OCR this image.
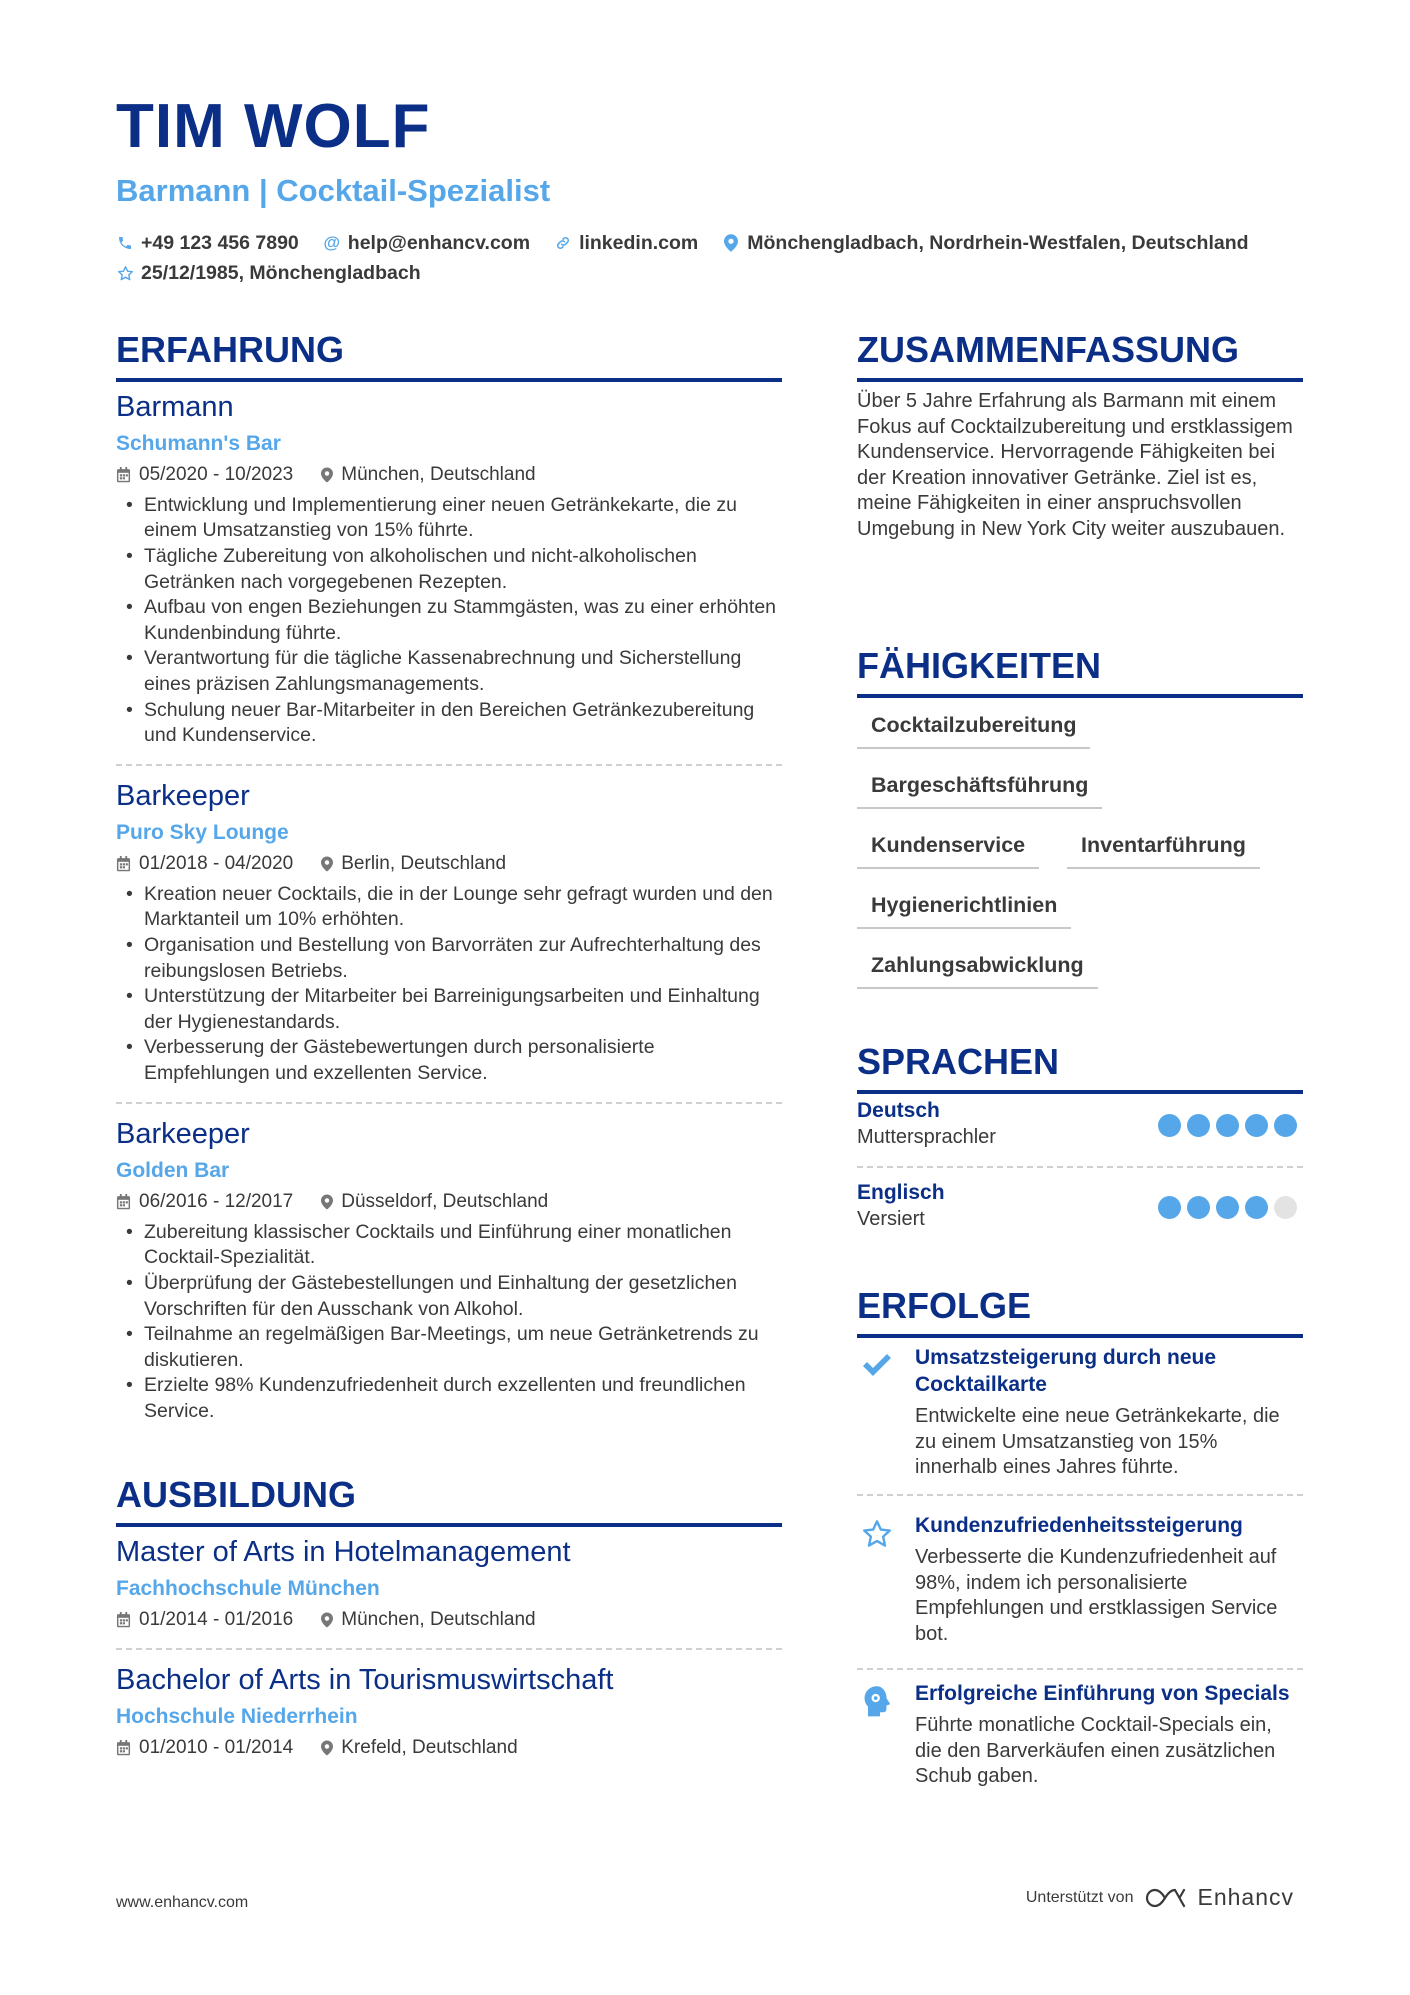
TIM WOLF
Barmann | Cocktail-Spezialist
+49 123 456 7890 @ help@enhancv.com	linkedin.com	Mönchengladbach, Nordrhein-Westfalen, Deutschland
25/12/1985, Mönchengladbach
ERFAHRUNG
Barmann
Schumann's Bar
05/2020 - 10/2023	München, Deutschland
• Entwicklung und Implementierung einer neuen Getränkekarte, die zu einem Umsatzanstieg von 15% führte.
• Tägliche Zubereitung von alkoholischen und nicht-alkoholischen Getränken nach vorgegebenen Rezepten.
• Aufbau von engen Beziehungen zu Stammgästen, was zu einer erhöhten Kundenbindung führte.
• Verantwortung für die tägliche Kassenabrechnung und Sicherstellung eines präzisen Zahlungsmanagements.
• Schulung neuer Bar-Mitarbeiter in den Bereichen Getränkezubereitung und Kundenservice.
Barkeeper
Puro Sky Lounge
01/2018 - 04/2020	Berlin, Deutschland
• Kreation neuer Cocktails, die in der Lounge sehr gefragt wurden und den Marktanteil um 10% erhöhten.
• Organisation und Bestellung von Barvorräten zur Aufrechterhaltung des reibungslosen Betriebs.
• Unterstützung der Mitarbeiter bei Barreinigungsarbeiten und Einhaltung der Hygienestandards.
• Verbesserung der Gästebewertungen durch personalisierte Empfehlungen und exzellenten Service.
Barkeeper
Golden Bar
06/2016 - 12/2017	Düsseldorf, Deutschland
• Zubereitung klassischer Cocktails und Einführung einer monatlichen Cocktail-Spezialität.
• Überprüfung der Gästebestellungen und Einhaltung der gesetzlichen Vorschriften für den Ausschank von Alkohol.
• Teilnahme an regelmäßigen Bar-Meetings, um neue Getränketrends zu diskutieren.
• Erzielte 98% Kundenzufriedenheit durch exzellenten und freundlichen Service.
AUSBILDUNG
Master of Arts in Hotelmanagement
Fachhochschule München
01/2014 - 01/2016	München, Deutschland
Bachelor of Arts in Tourismuswirtschaft
Hochschule Niederrhein
01/2010 - 01/2014	Krefeld, Deutschland
ZUSAMMENFASSUNG
Über 5 Jahre Erfahrung als Barmann mit einem Fokus auf Cocktailzubereitung und erstklassigem Kundenservice. Hervorragende Fähigkeiten bei der Kreation innovativer Getränke. Ziel ist es, meine Fähigkeiten in einer anspruchsvollen Umgebung in New York City weiter auszubauen.
FÄHIGKEITEN
Cocktailzubereitung
Bargeschäftsführung
Kundenservice	Inventarführung
Hygienerichtlinien
Zahlungsabwicklung
SPRACHEN
Deutsch
Muttersprachler
Englisch
Versiert
ERFOLGE
Umsatzsteigerung durch neue Cocktailkarte
Entwickelte eine neue Getränkekarte, die zu einem Umsatzanstieg von 15% innerhalb eines Jahres führte.
Kundenzufriedenheitssteigerung
Verbesserte die Kundenzufriedenheit auf 98%, indem ich personalisierte Empfehlungen und erstklassigen Service bot.
Erfolgreiche Einführung von Specials
Führte monatliche Cocktail-Specials ein, die den Barverkäufen einen zusätzlichen Schub gaben.
www.enhancv.com	Unterstützt von	Enhancv
